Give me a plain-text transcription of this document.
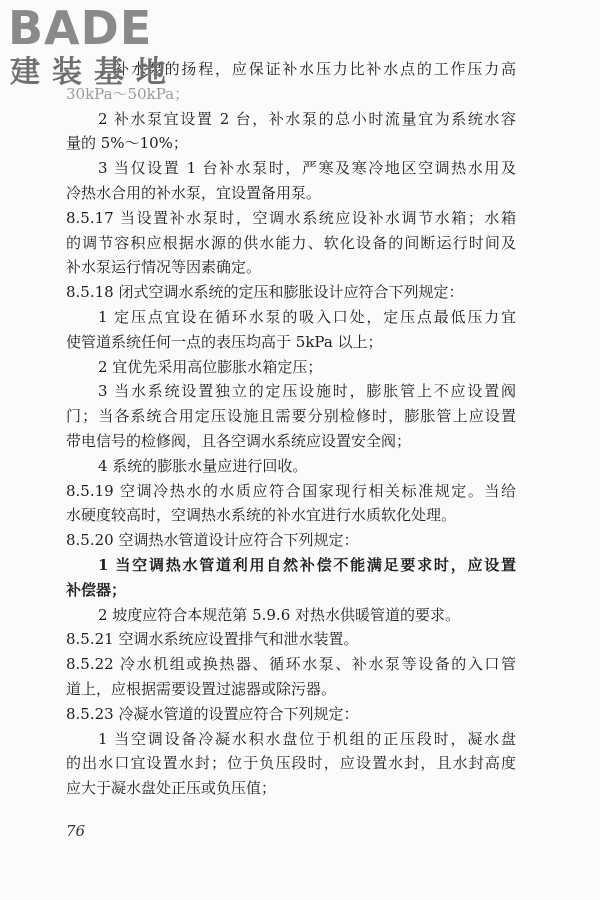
BADE
建装基地
1 补水泵的扬程，应保证补水压力比补水点的工作压力高
30kPa～50kPa；
2 补水泵宜设置 2 台，补水泵的总小时流量宜为系统水容
量的 5%～10%；
3 当仅设置 1 台补水泵时，严寒及寒冷地区空调热水用及
冷热水合用的补水泵，宜设置备用泵。
8.5.17 当设置补水泵时，空调水系统应设补水调节水箱；水箱
的调节容积应根据水源的供水能力、软化设备的间断运行时间及
补水泵运行情况等因素确定。
8.5.18 闭式空调水系统的定压和膨胀设计应符合下列规定：
1 定压点宜设在循环水泵的吸入口处，定压点最低压力宜
使管道系统任何一点的表压均高于 5kPa 以上；
2 宜优先采用高位膨胀水箱定压；
3 当水系统设置独立的定压设施时，膨胀管上不应设置阀
门；当各系统合用定压设施且需要分别检修时，膨胀管上应设置
带电信号的检修阀，且各空调水系统应设置安全阀；
4 系统的膨胀水量应进行回收。
8.5.19 空调冷热水的水质应符合国家现行相关标准规定。当给
水硬度较高时，空调热水系统的补水宜进行水质软化处理。
8.5.20 空调热水管道设计应符合下列规定：
1 当空调热水管道利用自然补偿不能满足要求时，应设置
补偿器；
2 坡度应符合本规范第 5.9.6 对热水供暖管道的要求。
8.5.21 空调水系统应设置排气和泄水装置。
8.5.22 冷水机组或换热器、循环水泵、补水泵等设备的入口管
道上，应根据需要设置过滤器或除污器。
8.5.23 冷凝水管道的设置应符合下列规定：
1 当空调设备冷凝水积水盘位于机组的正压段时，凝水盘
的出水口宜设置水封；位于负压段时，应设置水封，且水封高度
应大于凝水盘处正压或负压值；
76
